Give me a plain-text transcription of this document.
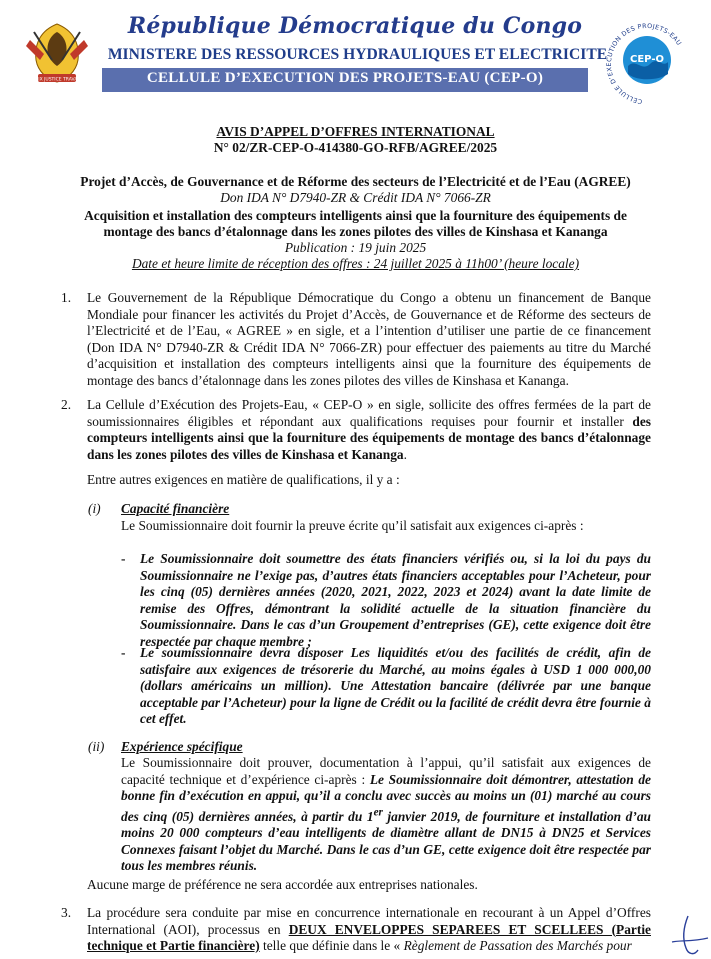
PAIX JUSTICE TRAVAIL
République Démocratique du Congo
MINISTERE DES RESSOURCES HYDRAULIQUES ET ELECTRICITE
CELLULE D’EXECUTION DES PROJETS-EAU (CEP-O)
CEP-O
CELLULE D’EXECUTION DES PROJETS-EAU
AVIS D’APPEL D’OFFRES INTERNATIONAL
N° 02/ZR-CEP-O-414380-GO-RFB/AGREE/2025
Projet d’Accès, de Gouvernance et de Réforme des secteurs de l’Electricité et de l’Eau (AGREE)
Don IDA N° D7940-ZR & Crédit IDA N° 7066-ZR
Acquisition et installation des compteurs intelligents ainsi que la fourniture des équipements de
montage des bancs d’étalonnage dans les zones pilotes des villes de Kinshasa et Kananga
Publication : 19 juin 2025
Date et heure limite de réception des offres : 24 juillet 2025 à 11h00’ (heure locale)
1. Le Gouvernement de la République Démocratique du Congo a obtenu un financement de Banque Mondiale pour financer les activités du Projet d’Accès, de Gouvernance et de Réforme des secteurs de l’Electricité et de l’Eau, « AGREE » en sigle, et a l’intention d’utiliser une partie de ce financement (Don IDA N° D7940-ZR & Crédit IDA N° 7066-ZR) pour effectuer des paiements au titre du Marché d’acquisition et installation des compteurs intelligents ainsi que la fourniture des équipements de montage des bancs d’étalonnage dans les zones pilotes des villes de Kinshasa et Kananga.
2. La Cellule d’Exécution des Projets-Eau, « CEP-O » en sigle, sollicite des offres fermées de la part de soumissionnaires éligibles et répondant aux qualifications requises pour fournir et installer des compteurs intelligents ainsi que la fourniture des équipements de montage des bancs d’étalonnage dans les zones pilotes des villes de Kinshasa et Kananga.
Entre autres exigences en matière de qualifications, il y a :
(i) Capacité financière
Le Soumissionnaire doit fournir la preuve écrite qu’il satisfait aux exigences ci-après :
- Le Soumissionnaire doit soumettre des états financiers vérifiés ou, si la loi du pays du Soumissionnaire ne l’exige pas, d’autres états financiers acceptables pour l’Acheteur, pour les cinq (05) dernières années (2020, 2021, 2022, 2023 et 2024) avant la date limite de remise des Offres, démontrant la solidité actuelle de la situation financière du Soumissionnaire. Dans le cas d’un Groupement d’entreprises (GE), cette exigence doit être respectée par chaque membre ;
- Le soumissionnaire devra disposer Les liquidités et/ou des facilités de crédit, afin de satisfaire aux exigences de trésorerie du Marché, au moins égales à USD 1 000 000,00 (dollars américains un million). Une Attestation bancaire (délivrée par une banque acceptable par l’Acheteur) pour la ligne de Crédit ou la facilité de crédit devra être fournie à cet effet.
(ii) Expérience spécifique
Le Soumissionnaire doit prouver, documentation à l’appui, qu’il satisfait aux exigences de capacité technique et d’expérience ci-après : Le Soumissionnaire doit démontrer, attestation de bonne fin d’exécution en appui, qu’il a conclu avec succès au moins un (01) marché au cours des cinq (05) dernières années, à partir du 1er janvier 2019, de fourniture et installation d’au moins 20 000 compteurs d’eau intelligents de diamètre allant de DN15 à DN25 et Services Connexes faisant l’objet du Marché. Dans le cas d’un GE, cette exigence doit être respectée par tous les membres réunis.
Aucune marge de préférence ne sera accordée aux entreprises nationales.
3. La procédure sera conduite par mise en concurrence internationale en recourant à un Appel d’Offres International (AOI), processus en DEUX ENVELOPPES SEPAREES ET SCELLEES (Partie technique et Partie financière) telle que définie dans le « Règlement de Passation des Marchés pour
